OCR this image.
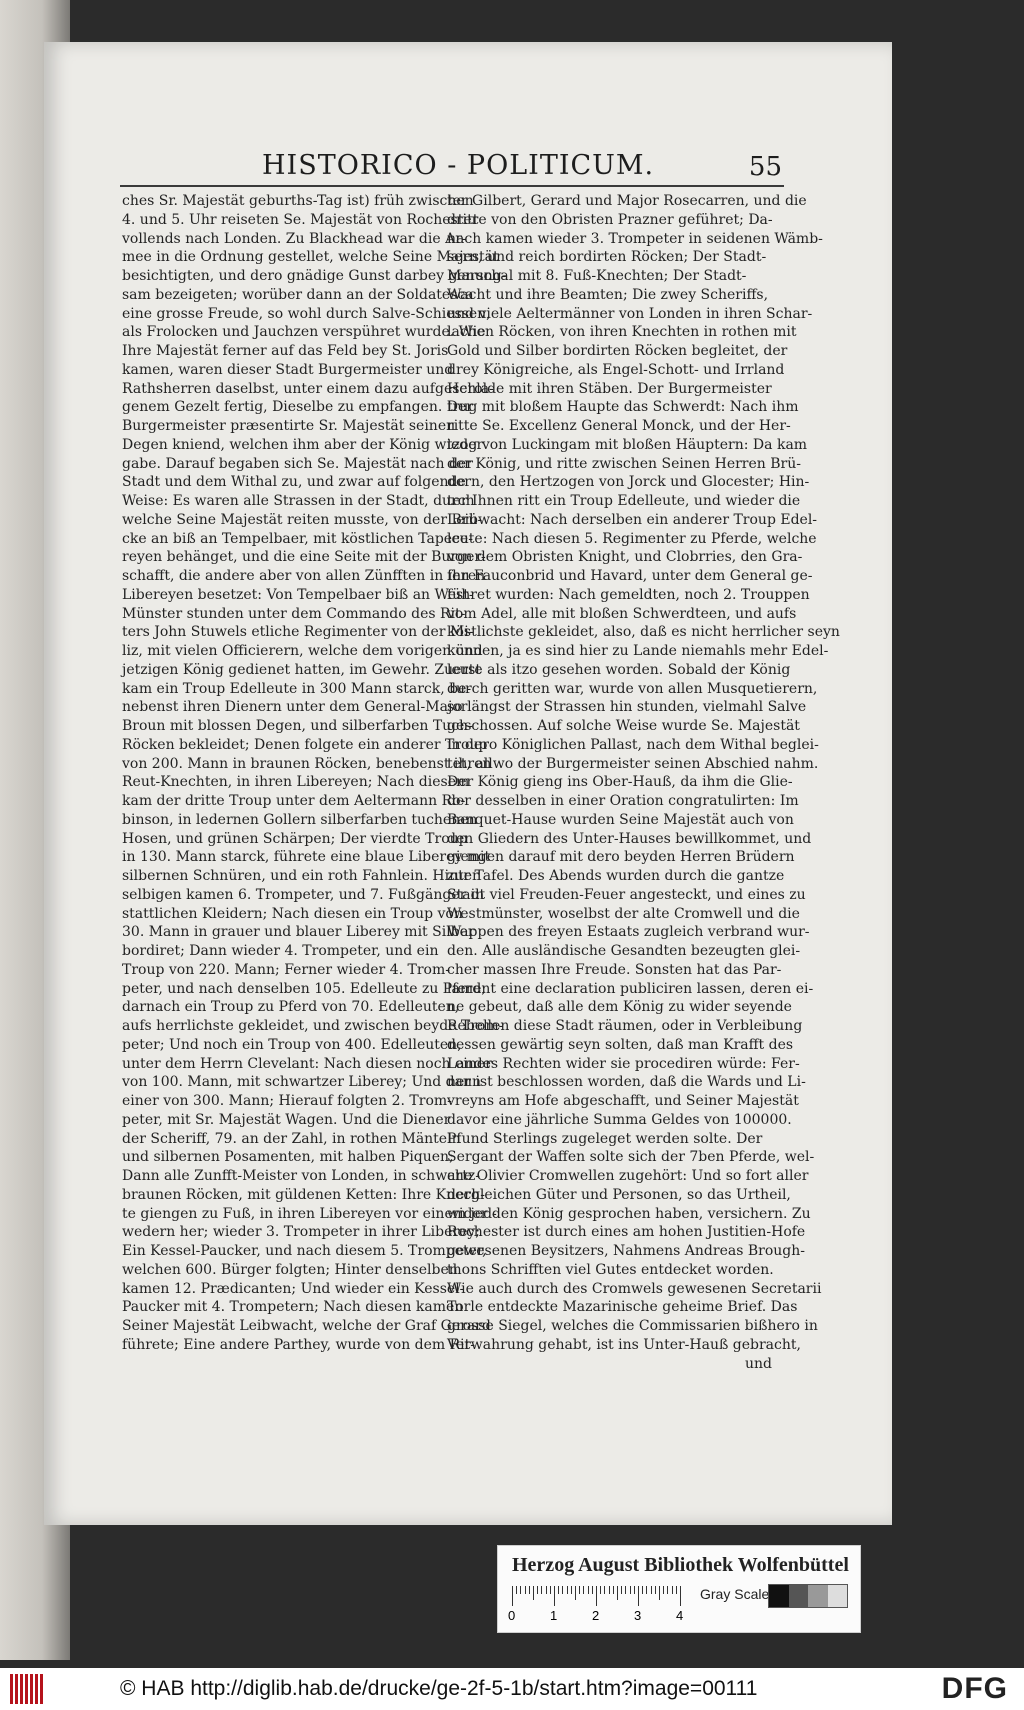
HISTORICO - POLITICUM.	55

ches Sr. Majestät geburths-Tag ist) früh zwischen

4. und 5. Uhr reiseten Se. Majestät von Rochester

vollends nach Londen. Zu Blackhead war die Ar-

mee in die Ordnung gestellet, welche Seine Majestät

besichtigten, und dero gnädige Gunst darbey genung-

sam bezeigeten; worüber dann an der Soldatesca

eine grosse Freude, so wohl durch Salve-Schiessen,

als Frolocken und Jauchzen verspühret wurde. Wie

Ihre Majestät ferner auf das Feld bey St. Joris

kamen, waren dieser Stadt Burgermeister und

Rathsherren daselbst, unter einem dazu aufgeschla-

genem Gezelt fertig, Dieselbe zu empfangen. Der

Burgermeister præsentirte Sr. Majestät seinen

Degen kniend, welchen ihm aber der König wieder

gabe. Darauf begaben sich Se. Majestät nach der

Stadt und dem Withal zu, und zwar auf folgende

Weise: Es waren alle Strassen in der Stadt, durch

welche Seine Majestät reiten musste, von der Brü-

cke an biß an Tempelbaer, mit köstlichen Tapece-

reyen behänget, und die eine Seite mit der Burger-

schafft, die andere aber von allen Zünfften in ihren

Libereyen besetzet: Von Tempelbaer biß an West-

Münster stunden unter dem Commando des Rit-

ters John Stuwels etliche Regimenter von der Mi-

liz, mit vielen Officierern, welche dem vorigen und

jetzigen König gedienet hatten, im Gewehr. Zuerst

kam ein Troup Edelleute in 300 Mann starck, be-

nebenst ihren Dienern unter dem General-Major

Broun mit blossen Degen, und silberfarben Tuch-

Röcken bekleidet; Denen folgete ein anderer Troup

von 200. Mann in braunen Röcken, benebenst ihren

Reut-Knechten, in ihren Libereyen; Nach diesem

kam der dritte Troup unter dem Aeltermann Ro-

binson, in ledernen Gollern silberfarben tuchenen

Hosen, und grünen Schärpen; Der vierdte Troup

in 130. Mann starck, führete eine blaue Liberey mit

silbernen Schnüren, und ein roth Fahnlein. Hinter

selbigen kamen 6. Trompeter, und 7. Fußgänger in

stattlichen Kleidern; Nach diesen ein Troup von

30. Mann in grauer und blauer Liberey mit Silber

bordiret; Dann wieder 4. Trompeter, und ein

Troup von 220. Mann; Ferner wieder 4. Trom-

peter, und nach denselben 105. Edelleute zu Pferd;

darnach ein Troup zu Pferd von 70. Edelleuten,

aufs herrlichste gekleidet, und zwischen beyde Trom-

peter; Und noch ein Troup von 400. Edelleuten,

unter dem Herrn Clevelant: Nach diesen noch einer

von 100. Mann, mit schwartzer Liberey; Und dann

einer von 300. Mann; Hierauf folgten 2. Trom-

peter, mit Sr. Majestät Wagen. Und die Diener

der Scheriff, 79. an der Zahl, in rothen Mänteln

und silbernen Posamenten, mit halben Piquen;

Dann alle Zunfft-Meister von Londen, in schwartz-

braunen Röcken, mit güldenen Ketten: Ihre Knech-

te giengen zu Fuß, in ihren Libereyen vor einem jed-

wedern her; wieder 3. Trompeter in ihrer Liberey;

Ein Kessel-Paucker, und nach diesem 5. Trompeter,

welchen 600. Bürger folgten; Hinter denselben

kamen 12. Prædicanten; Und wieder ein Kessel-

Paucker mit 4. Trompetern; Nach diesen kamen

Seiner Majestät Leibwacht, welche der Graf Gerard

führete; Eine andere Parthey, wurde von dem Rit-

ter Gilbert, Gerard und Major Rosecarren, und die

dritte von den Obristen Prazner geführet; Da-

nach kamen wieder 3. Trompeter in seidenen Wämb-

sern, und reich bordirten Röcken; Der Stadt-

Marschal mit 8. Fuß-Knechten; Der Stadt-

Wacht und ihre Beamten; Die zwey Scheriffs,

und viele Aeltermänner von Londen in ihren Schar-

lachen Röcken, von ihren Knechten in rothen mit

Gold und Silber bordirten Röcken begleitet, der

drey Königreiche, als Engel-Schott- und Irrland

Herolde mit ihren Stäben. Der Burgermeister

trug mit bloßem Haupte das Schwerdt: Nach ihm

ritte Se. Excellenz General Monck, und der Her-

tzog von Luckingam mit bloßen Häuptern: Da kam

der König, und ritte zwischen Seinen Herren Brü-

dern, den Hertzogen von Jorck und Glocester; Hin-

ter Ihnen ritt ein Troup Edelleute, und wieder die

Leibwacht: Nach derselben ein anderer Troup Edel-

leute: Nach diesen 5. Regimenter zu Pferde, welche

von dem Obristen Knight, und Clobrries, den Gra-

fen Fauconbrid und Havard, unter dem General ge-

führet wurden: Nach gemeldten, noch 2. Trouppen

vom Adel, alle mit bloßen Schwerdteen, und aufs

köstlichste gekleidet, also, daß es nicht herrlicher seyn

können, ja es sind hier zu Lande niemahls mehr Edel-

leute als itzo gesehen worden. Sobald der König

durch geritten war, wurde von allen Musquetierern,

so längst der Strassen hin stunden, vielmahl Salve

geschossen. Auf solche Weise wurde Se. Majestät

in dero Königlichen Pallast, nach dem Withal beglei-

tet, allwo der Burgermeister seinen Abschied nahm.

Der König gieng ins Ober-Hauß, da ihm die Glie-

der desselben in einer Oration congratulirten: Im

Banquet-Hause wurden Seine Majestät auch von

den Gliedern des Unter-Hauses bewillkommet, und

giengen darauf mit dero beyden Herren Brüdern

zur Tafel. Des Abends wurden durch die gantze

Stadt viel Freuden-Feuer angesteckt, und eines zu

Westmünster, woselbst der alte Cromwell und die

Wappen des freyen Estaats zugleich verbrand wur-

den. Alle ausländische Gesandten bezeugten glei-

cher massen Ihre Freude. Sonsten hat das Par-

lament eine declaration publiciren lassen, deren ei-

ne gebeut, daß alle dem König zu wider seyende

Rebellen diese Stadt räumen, oder in Verbleibung

dessen gewärtig seyn solten, daß man Krafft des

Landes Rechten wider sie procediren würde: Fer-

ner ist beschlossen worden, daß die Wards und Li-

vreyns am Hofe abgeschafft, und Seiner Majestät

davor eine jährliche Summa Geldes von 100000.

Pfund Sterlings zugeleget werden solte. Der

Sergant der Waffen solte sich der 7ben Pferde, wel-

che Olivier Cromwellen zugehört: Und so fort aller

dergleichen Güter und Personen, so das Urtheil,

wider den König gesprochen haben, versichern. Zu

Rochester ist durch eines am hohen Justitien-Hofe

gewesenen Beysitzers, Nahmens Andreas Brough-

thons Schrifften viel Gutes entdecket worden.

Wie auch durch des Cromwels gewesenen Secretarii

Torle entdeckte Mazarinische geheime Brief. Das

grosse Siegel, welches die Commissarien bißhero in

Verwahrung gehabt, ist ins Unter-Hauß gebracht,

und

Herzog August Bibliothek Wolfenbüttel
0	1	2	3	4
Gray Scale
© HAB http://diglib.hab.de/drucke/ge-2f-5-1b/start.htm?image=00111	DFG
